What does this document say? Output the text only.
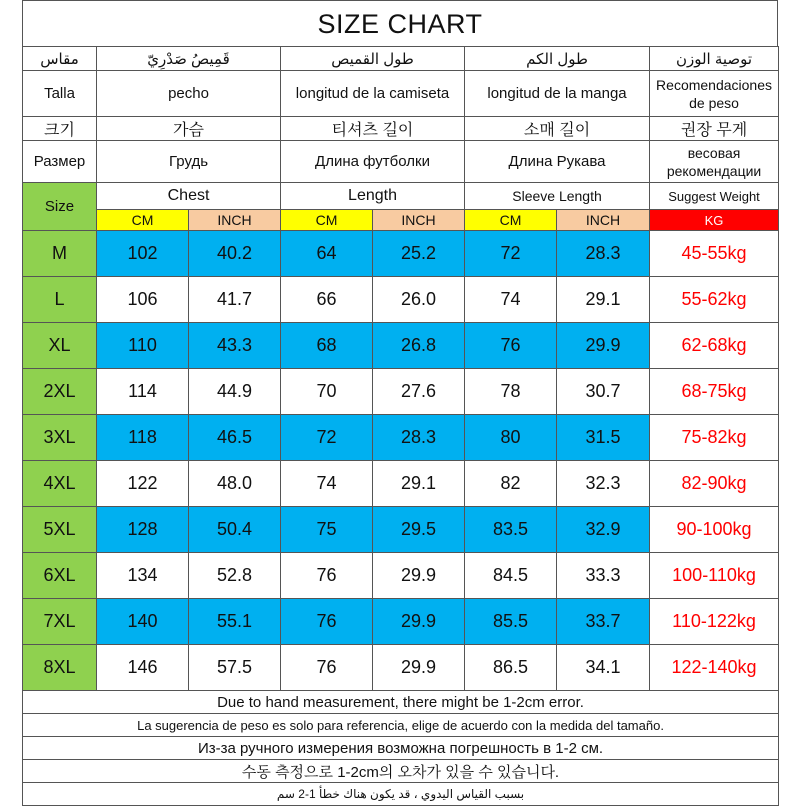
SIZE CHART
مقاس	قَمِيصُ صَدْرِيّ		طول القميص		طول الكم		توصية الوزن
Talla	pecho		longitud de la camiseta		longitud de la manga		Recomendaciones de peso
크기	가슴		티셔츠 길이		소매 길이		권장 무게
Размер	Грудь		Длина футболки		Длина Рукава		весовая рекомендации
Size	Chest		Length		Sleeve Length		Suggest Weight
	CM	INCH	CM	INCH	CM	INCH	KG
M	102	40.2	64	25.2	72	28.3	45-55kg
L	106	41.7	66	26.0	74	29.1	55-62kg
XL	110	43.3	68	26.8	76	29.9	62-68kg
2XL	114	44.9	70	27.6	78	30.7	68-75kg
3XL	118	46.5	72	28.3	80	31.5	75-82kg
4XL	122	48.0	74	29.1	82	32.3	82-90kg
5XL	128	50.4	75	29.5	83.5	32.9	90-100kg
6XL	134	52.8	76	29.9	84.5	33.3	100-110kg
7XL	140	55.1	76	29.9	85.5	33.7	110-122kg
8XL	146	57.5	76	29.9	86.5	34.1	122-140kg
Due to hand measurement, there might be 1-2cm error.							
La sugerencia de peso es solo para referencia, elige de acuerdo con la medida del tamaño.							
Из-за ручного измерения возможна погрешность в 1-2 см.							
수동 측정으로 1-2cm의 오차가 있을 수 있습니다.							
بسبب القياس اليدوي ، قد يكون هناك خطأ 1-2 سم							
